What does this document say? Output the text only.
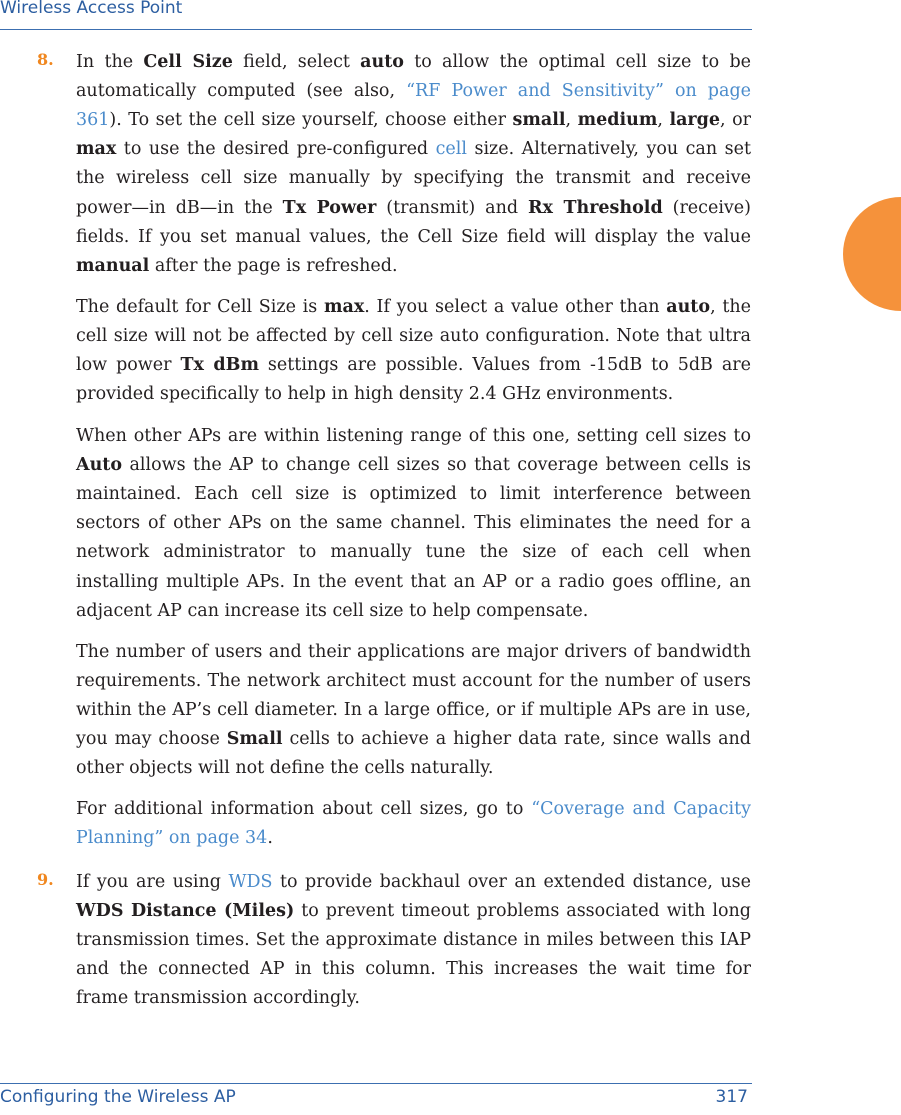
Wireless Access Point
8. In the Cell Size field, select auto to allow the optimal cell size to be automatically computed (see also, “RF Power and Sensitivity” on page 361). To set the cell size yourself, choose either small, medium, large, or max to use the desired pre-configured cell size. Alternatively, you can set the wireless cell size manually by specifying the transmit and receive power—in dB—in the Tx Power (transmit) and Rx Threshold (receive) fields. If you set manual values, the Cell Size field will display the value manual after the page is refreshed.

The default for Cell Size is max. If you select a value other than auto, the cell size will not be affected by cell size auto configuration. Note that ultra low power Tx dBm settings are possible. Values from -15dB to 5dB are provided specifically to help in high density 2.4 GHz environments.

When other APs are within listening range of this one, setting cell sizes to Auto allows the AP to change cell sizes so that coverage between cells is maintained. Each cell size is optimized to limit interference between sectors of other APs on the same channel. This eliminates the need for a network administrator to manually tune the size of each cell when installing multiple APs. In the event that an AP or a radio goes offline, an adjacent AP can increase its cell size to help compensate.

The number of users and their applications are major drivers of bandwidth requirements. The network architect must account for the number of users within the AP’s cell diameter. In a large office, or if multiple APs are in use, you may choose Small cells to achieve a higher data rate, since walls and other objects will not define the cells naturally.

For additional information about cell sizes, go to “Coverage and Capacity Planning” on page 34.

9. If you are using WDS to provide backhaul over an extended distance, use WDS Distance (Miles) to prevent timeout problems associated with long transmission times. Set the approximate distance in miles between this IAP and the connected AP in this column. This increases the wait time for frame transmission accordingly.

Configuring the Wireless AP	317
